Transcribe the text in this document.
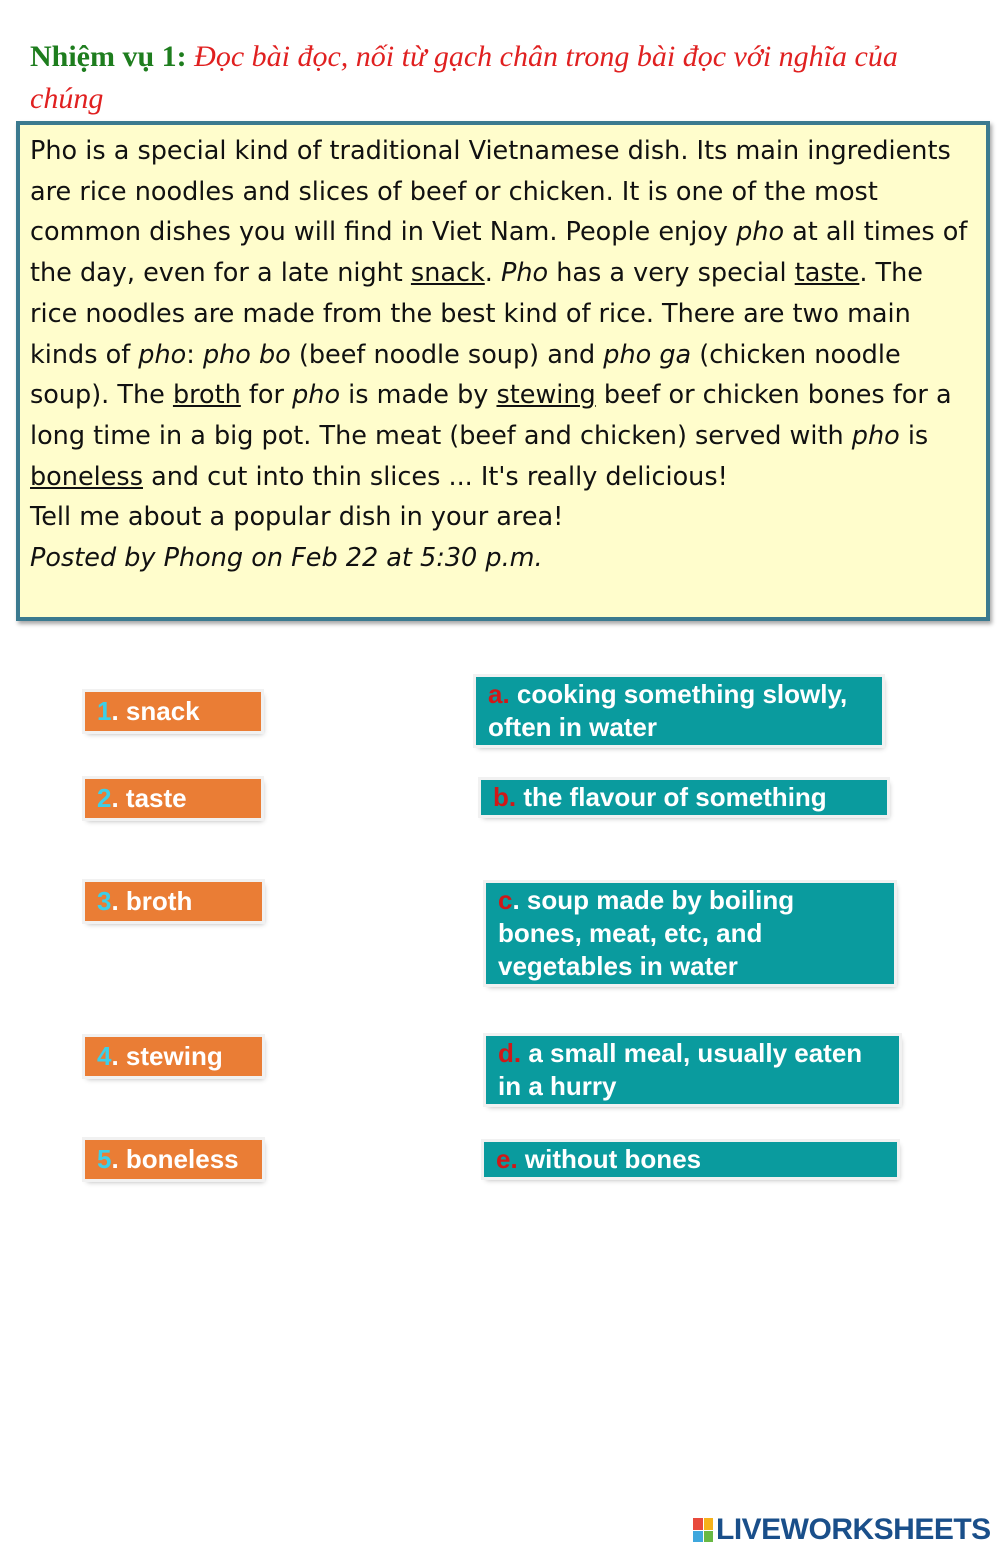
Nhiệm vụ 1: Đọc bài đọc, nối từ gạch chân trong bài đọc với nghĩa của chúng

Pho is a special kind of traditional Vietnamese dish. Its main ingredients are rice noodles and slices of beef or chicken. It is one of the most common dishes you will find in Viet Nam. People enjoy pho at all times of the day, even for a late night snack. Pho has a very special taste. The rice noodles are made from the best kind of rice. There are two main kinds of pho: pho bo (beef noodle soup) and pho ga (chicken noodle soup). The broth for pho is made by stewing beef or chicken bones for a long time in a big pot. The meat (beef and chicken) served with pho is boneless and cut into thin slices ... It's really delicious!

Tell me about a popular dish in your area!

Posted by Phong on Feb 22 at 5:30 p.m.

1. snack
2. taste
3. broth
4. stewing
5. boneless
a. cooking something slowly, often in water
b. the flavour of something
c. soup made by boiling bones, meat, etc, and vegetables in water
d. a small meal, usually eaten in a hurry
e. without bones
LIVEWORKSHEETS
